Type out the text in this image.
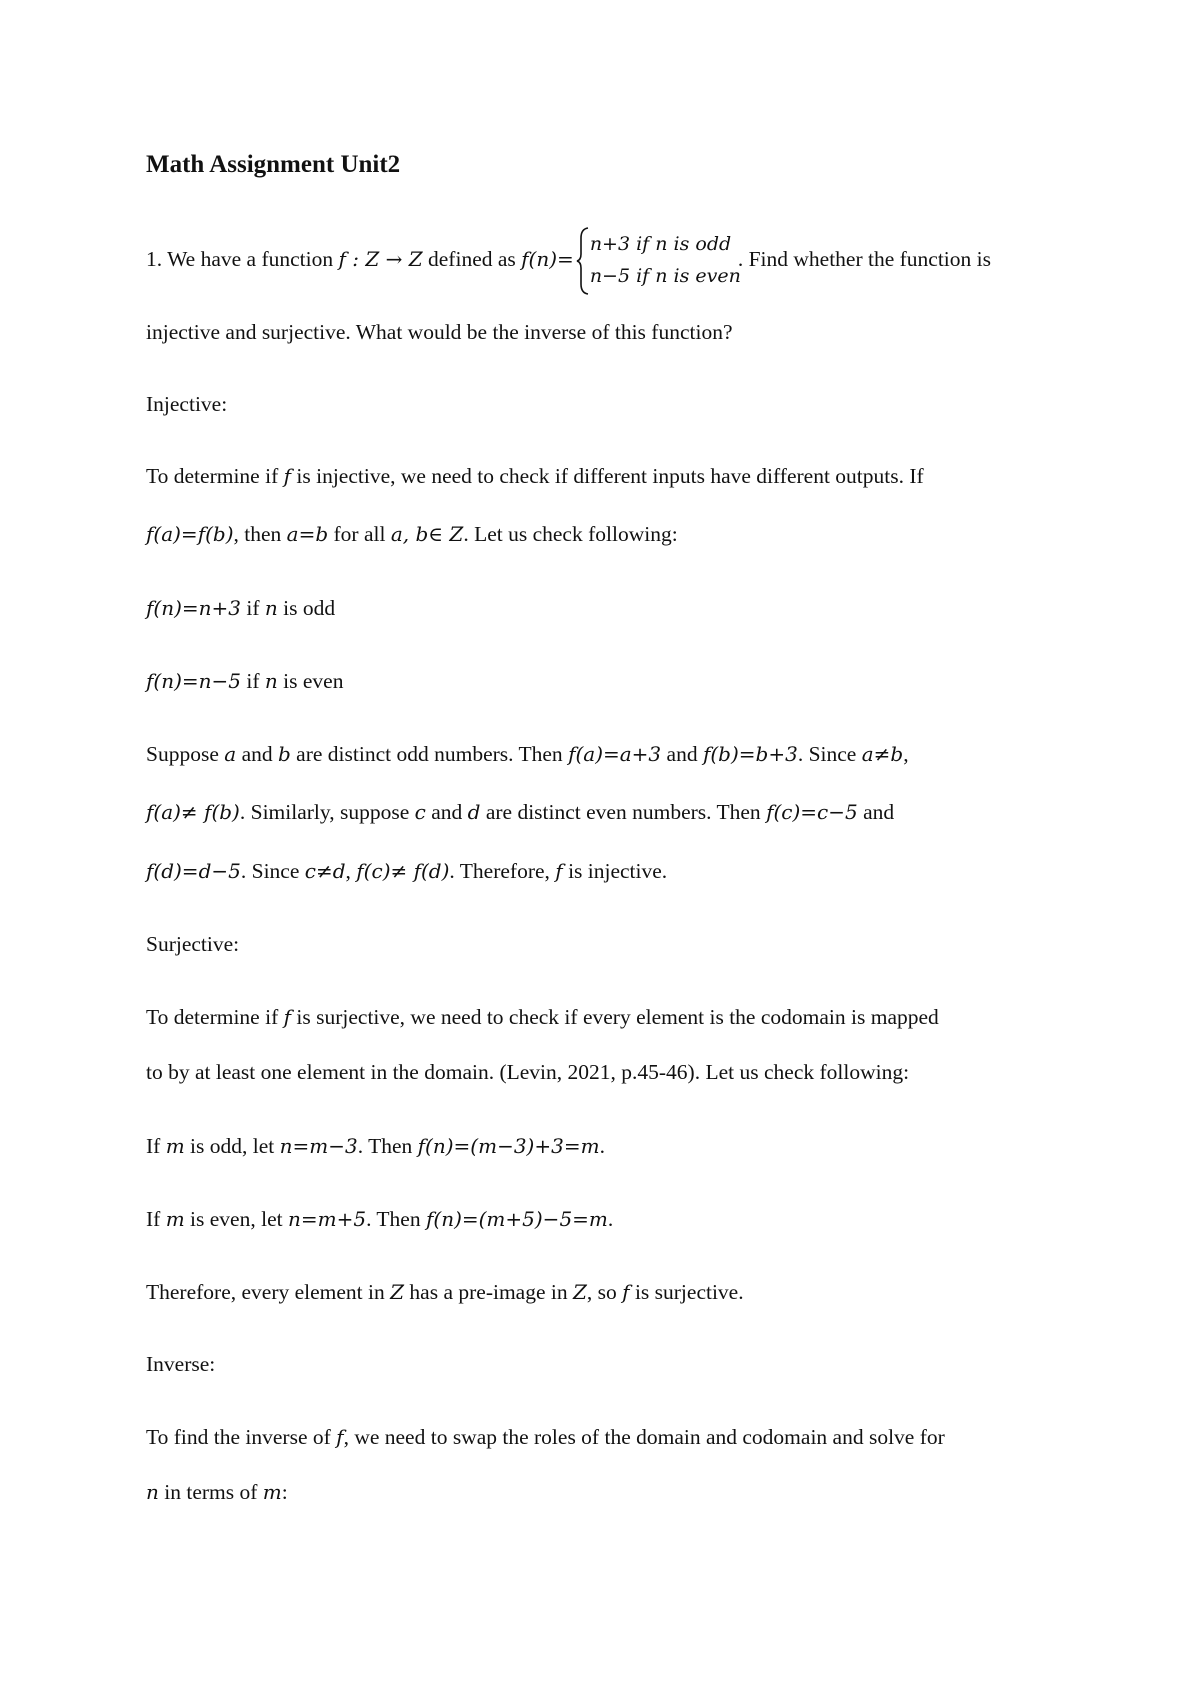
Math Assignment Unit2
1. We have a function f : Z → Z defined as f(n)=
n+3 if n is odd
n−5 if n is even
. Find whether the function is
injective and surjective. What would be the inverse of this function?
Injective:
To determine if f is injective, we need to check if different inputs have different outputs. If
f(a)=f(b), then a=b for all a, b∈ Z. Let us check following:
f(n)=n+3 if n is odd
f(n)=n−5 if n is even
Suppose a and b are distinct odd numbers. Then f(a)=a+3 and f(b)=b+3. Since a≠b,
f(a)≠ f(b). Similarly, suppose c and d are distinct even numbers. Then f(c)=c−5 and
f(d)=d−5. Since c≠d, f(c)≠ f(d). Therefore, f is injective.
Surjective:
To determine if f is surjective, we need to check if every element is the codomain is mapped
to by at least one element in the domain. (Levin, 2021, p.45-46). Let us check following:
If m is odd, let n=m−3. Then f(n)=(m−3)+3=m.
If m is even, let n=m+5. Then f(n)=(m+5)−5=m.
Therefore, every element in Z has a pre-image in Z, so f is surjective.
Inverse:
To find the inverse of f, we need to swap the roles of the domain and codomain and solve for
n in terms of m:
